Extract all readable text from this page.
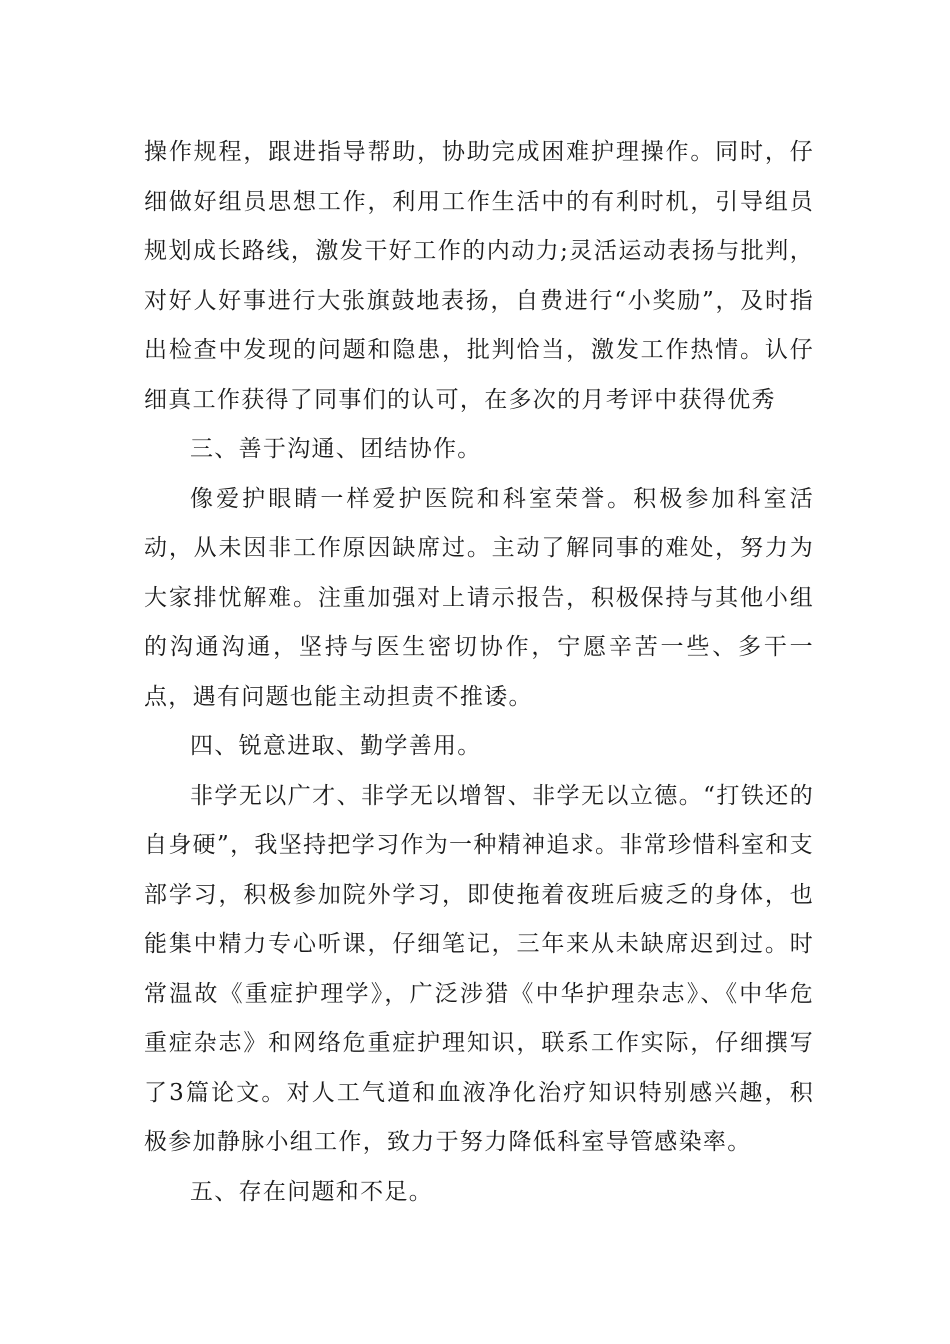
操作规程，跟进指导帮助，协助完成困难护理操作。同时，仔细做好组员思想工作，利用工作生活中的有利时机，引导组员规划成长路线，激发干好工作的内动力;灵活运动表扬与批判，对好人好事进行大张旗鼓地表扬，自费进行“小奖励”，及时指出检查中发现的问题和隐患，批判恰当，激发工作热情。认仔细真工作获得了同事们的认可，在多次的月考评中获得优秀

三、善于沟通、团结协作。

像爱护眼睛一样爱护医院和科室荣誉。积极参加科室活动，从未因非工作原因缺席过。主动了解同事的难处，努力为大家排忧解难。注重加强对上请示报告，积极保持与其他小组的沟通沟通，坚持与医生密切协作，宁愿辛苦一些、多干一点，遇有问题也能主动担责不推诿。

四、锐意进取、勤学善用。

非学无以广才、非学无以增智、非学无以立德。“打铁还的自身硬”，我坚持把学习作为一种精神追求。非常珍惜科室和支部学习，积极参加院外学习，即使拖着夜班后疲乏的身体，也能集中精力专心听课，仔细笔记，三年来从未缺席迟到过。时常温故《重症护理学》，广泛涉猎《中华护理杂志》、《中华危重症杂志》和网络危重症护理知识，联系工作实际，仔细撰写了3篇论文。对人工气道和血液净化治疗知识特别感兴趣，积极参加静脉小组工作，致力于努力降低科室导管感染率。

五、存在问题和不足。
